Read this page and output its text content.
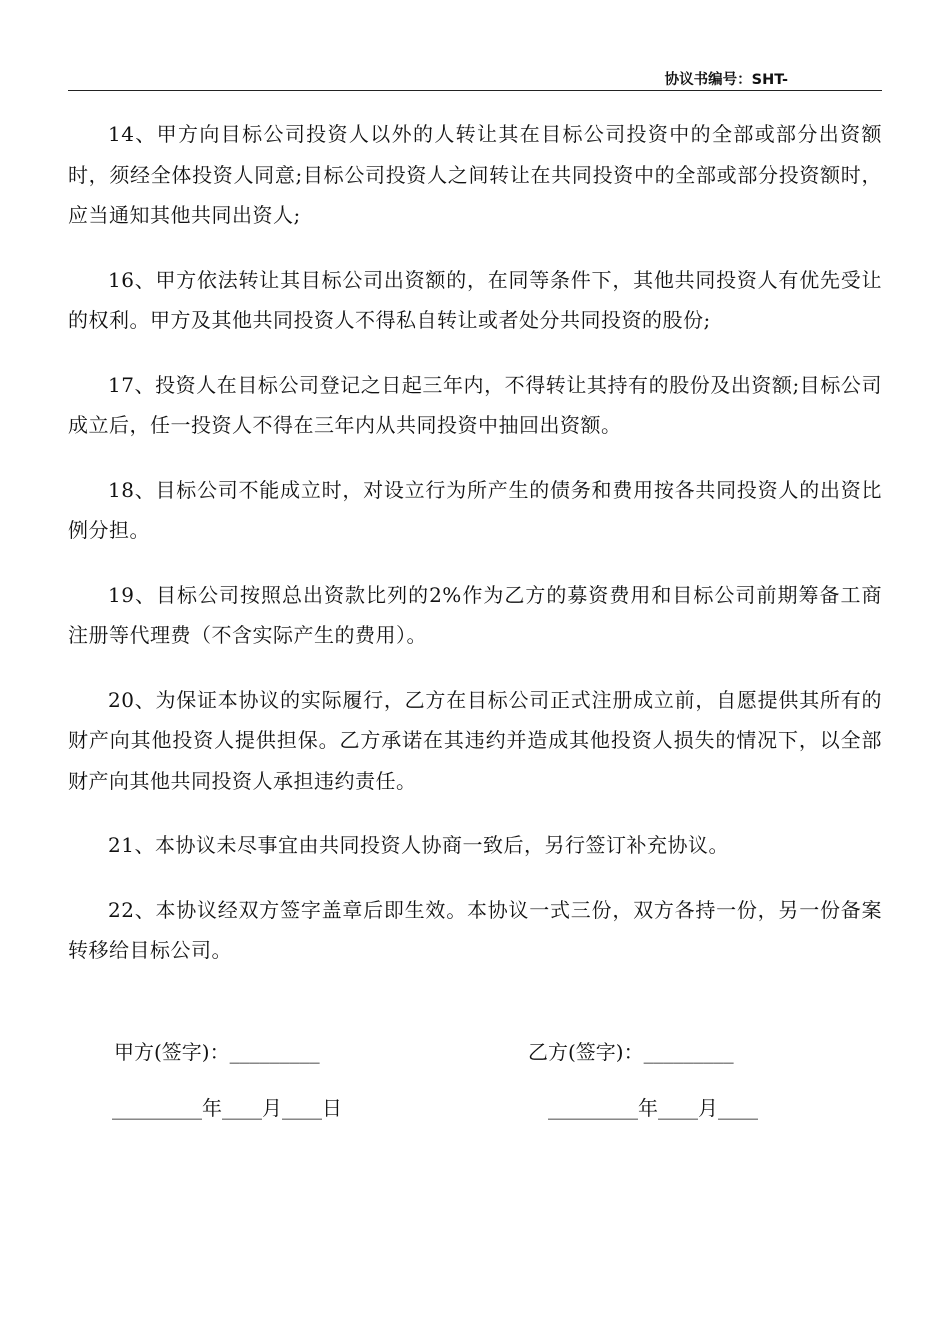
协议书编号：SHT-

14、甲方向目标公司投资人以外的人转让其在目标公司投资中的全部或部分出资额时，须经全体投资人同意;目标公司投资人之间转让在共同投资中的全部或部分投资额时，应当通知其他共同出资人;

16、甲方依法转让其目标公司出资额的，在同等条件下，其他共同投资人有优先受让的权利。甲方及其他共同投资人不得私自转让或者处分共同投资的股份;

17、投资人在目标公司登记之日起三年内，不得转让其持有的股份及出资额;目标公司成立后，任一投资人不得在三年内从共同投资中抽回出资额。

18、目标公司不能成立时，对设立行为所产生的债务和费用按各共同投资人的出资比例分担。

19、目标公司按照总出资款比列的2%作为乙方的募资费用和目标公司前期筹备工商注册等代理费（不含实际产生的费用）。

20、为保证本协议的实际履行，乙方在目标公司正式注册成立前，自愿提供其所有的财产向其他投资人提供担保。乙方承诺在其违约并造成其他投资人损失的情况下，以全部财产向其他共同投资人承担违约责任。

21、本协议未尽事宜由共同投资人协商一致后，另行签订补充协议。

22、本协议经双方签字盖章后即生效。本协议一式三份，双方各持一份，另一份备案转移给目标公司。

甲方(签字)：_________	乙方(签字)：_________
_________年____月____日	_________年____月____
